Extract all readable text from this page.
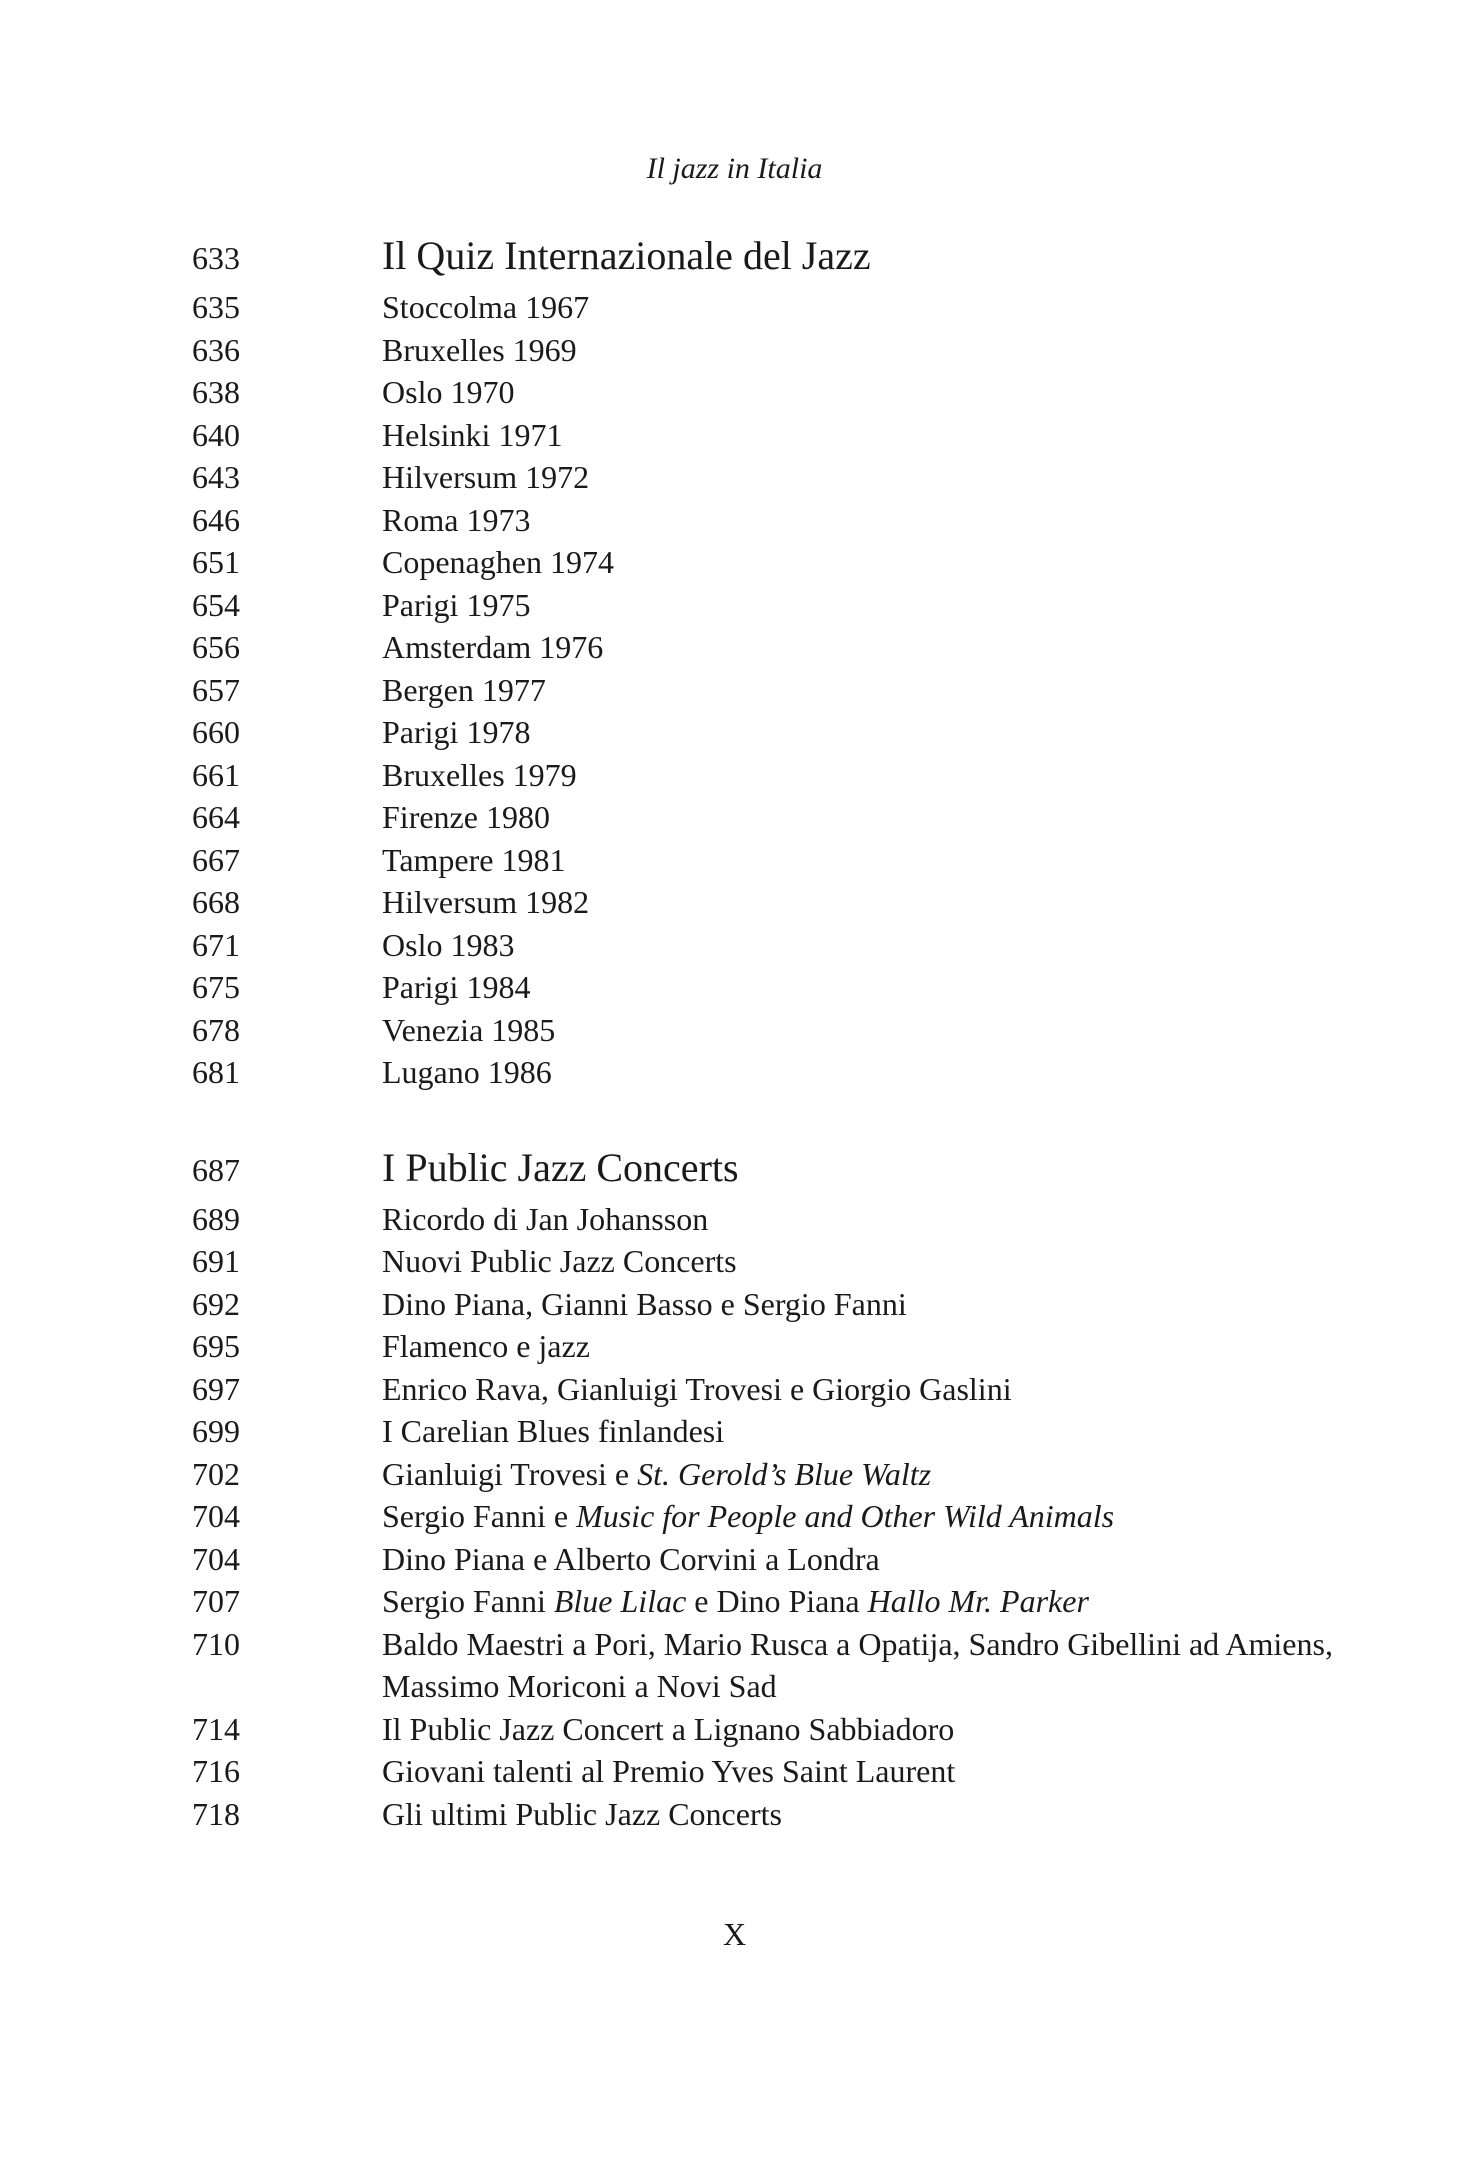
Il jazz in Italia
633	Il Quiz Internazionale del Jazz
635	Stoccolma 1967
636	Bruxelles 1969
638	Oslo 1970
640	Helsinki 1971
643	Hilversum 1972
646	Roma 1973
651	Copenaghen 1974
654	Parigi 1975
656	Amsterdam 1976
657	Bergen 1977
660	Parigi 1978
661	Bruxelles 1979
664	Firenze 1980
667	Tampere 1981
668	Hilversum 1982
671	Oslo 1983
675	Parigi 1984
678	Venezia 1985
681	Lugano 1986
687	I Public Jazz Concerts
689	Ricordo di Jan Johansson
691	Nuovi Public Jazz Concerts
692	Dino Piana, Gianni Basso e Sergio Fanni
695	Flamenco e jazz
697	Enrico Rava, Gianluigi Trovesi e Giorgio Gaslini
699	I Carelian Blues finlandesi
702	Gianluigi Trovesi e St. Gerold’s Blue Waltz
704	Sergio Fanni e Music for People and Other Wild Animals
704	Dino Piana e Alberto Corvini a Londra
707	Sergio Fanni Blue Lilac e Dino Piana Hallo Mr. Parker
710	Baldo Maestri a Pori, Mario Rusca a Opatija, Sandro Gibellini ad Amiens, Massimo Moriconi a Novi Sad
714	Il Public Jazz Concert a Lignano Sabbiadoro
716	Giovani talenti al Premio Yves Saint Laurent
718	Gli ultimi Public Jazz Concerts
X
